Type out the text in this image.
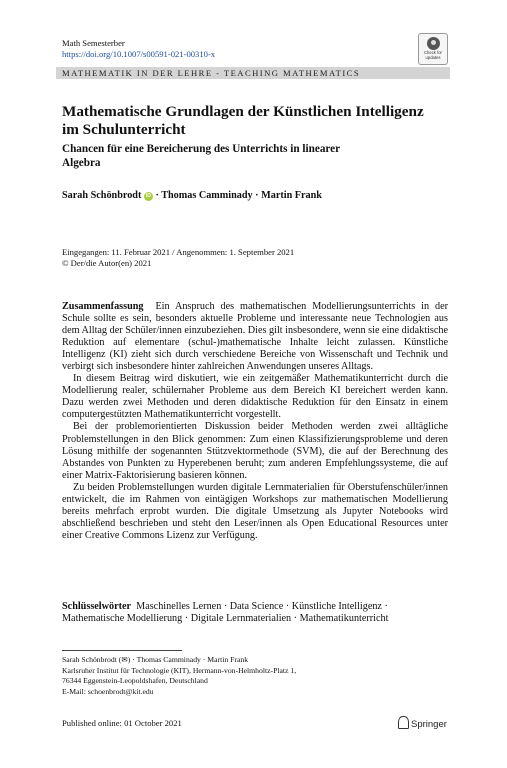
Math Semesterber
https://doi.org/10.1007/s00591-021-00310-x	Check for
updates
MATHEMATIK IN DER LEHRE - TEACHING MATHEMATICS
Mathematische Grundlagen der Künstlichen Intelligenz
im Schulunterricht
Chancen für eine Bereicherung des Unterrichts in linearer
Algebra
Sarah Schönbrodt iD · Thomas Camminady · Martin Frank
Eingegangen: 11. Februar 2021 / Angenommen: 1. September 2021
© Der/die Autor(en) 2021

Zusammenfassung Ein Anspruch des mathematischen Modellierungsunterrichts in der Schule sollte es sein, besonders aktuelle Probleme und interessante neue Technologien aus dem Alltag der Schüler/innen einzubeziehen. Dies gilt insbesondere, wenn sie eine didaktische Reduktion auf elementare (schul-)mathematische Inhalte leicht zulassen. Künstliche Intelligenz (KI) zieht sich durch verschiedene Bereiche von Wissenschaft und Technik und verbirgt sich insbesondere hinter zahlreichen Anwendungen unseres Alltags.

In diesem Beitrag wird diskutiert, wie ein zeitgemäßer Mathematikunterricht durch die Modellierung realer, schülernaher Probleme aus dem Bereich KI bereichert werden kann. Dazu werden zwei Methoden und deren didaktische Reduktion für den Einsatz in einem computergestützten Mathematikunterricht vorgestellt.

Bei der problemorientierten Diskussion beider Methoden werden zwei alltägliche Problemstellungen in den Blick genommen: Zum einen Klassifizierungsprobleme und deren Lösung mithilfe der sogenannten Stützvektormethode (SVM), die auf der Berechnung des Abstandes von Punkten zu Hyperebenen beruht; zum anderen Empfehlungssysteme, die auf einer Matrix-Faktorisierung basieren können.

Zu beiden Problemstellungen wurden digitale Lernmaterialien für Oberstufenschüler/innen entwickelt, die im Rahmen von eintägigen Workshops zur mathematischen Modellierung bereits mehrfach erprobt wurden. Die digitale Umsetzung als Jupyter Notebooks wird abschließend beschrieben und steht den Leser/innen als Open Educational Resources unter einer Creative Commons Lizenz zur Verfügung.

Schlüsselwörter Maschinelles Lernen · Data Science · Künstliche Intelligenz · Mathematische Modellierung · Digitale Lernmaterialien · Mathematikunterricht
Sarah Schönbrodt (✉) · Thomas Camminady · Martin Frank
Karlsruher Institut für Technologie (KIT), Hermann-von-Helmholtz-Platz 1,
76344 Eggenstein-Leopoldshafen, Deutschland
E-Mail: schoenbrodt@kit.edu
Published online: 01 October 2021	Springer
